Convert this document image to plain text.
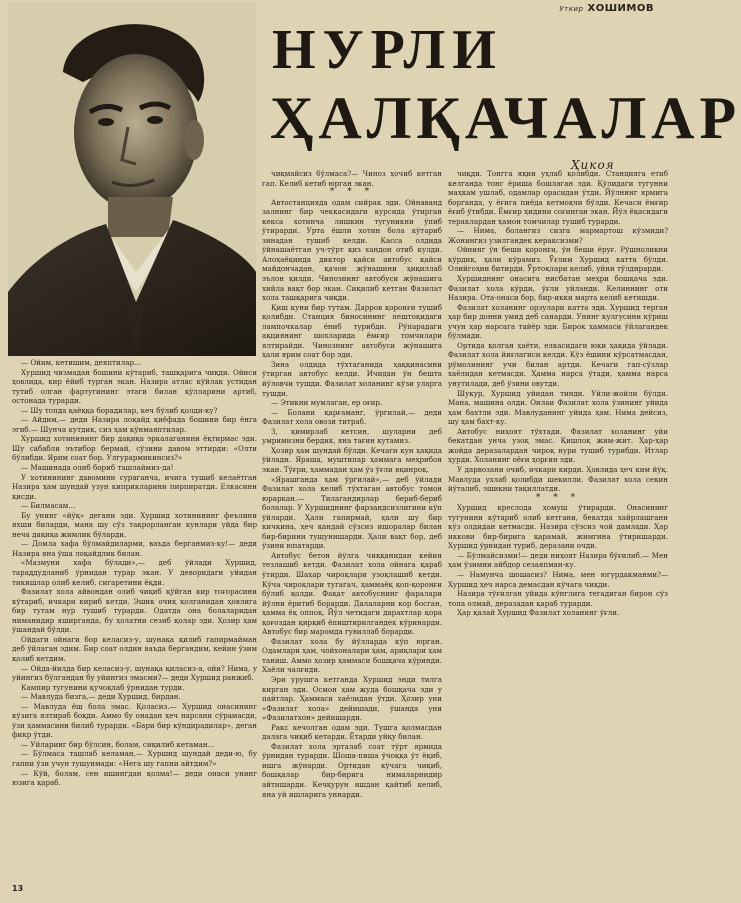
Уткир ХОШИМОВ
НУРЛИ
ҲАЛҚАЧАЛАР
Ҳикоя

— Ойим, кетишим, деяптилар…

Хуршид чизмадан бошини кўтариб, ташқарига чиқди. Ойиси ҳовлида, кир ёйиб турган экан. Назира атлас кўйлак устидан тутиб олган фартугининг этаги билан қўлларини артиб, остонада турарди.

— Шу топда қаёққа борадилар, кеч бўлиб қолди-ку?

— Айдим,— деди Назира лоқайд қиёфада бошини бир ёнга эгиб.— Шунча кутдик, сиз ҳам кўнмаяптилар.

Хуршид хотинининг бир дақиқа эркалаганини ёқтирмас эди. Шу сабабли эътибор бермай, сўзини давом эттирди: «Олти бўлибди. Ярим соат бор. Улгурармикинсиз?»

— Машинада олиб бориб ташлаймиз-да!

У хотинининг давомини сураганча, ичига тушиб келаётган Назира ҳам шундай узун киприкларини пирпиратди. Елкасини қисди.

— Билмасам…

Бу унинг «йўқ» дегани эди. Хуршид хотинининг феълини яхши биларди, мана шу сўз такрорланган кунлари уйда бир неча дақиқа жимлик бўларди.

— Домла хафа бўлмайдиларми, ваъда берганмиз-ку!— деди Назира яна ўша лоқайдлик билан.

«Мазмуни хафа бўлади»,— деб ўйлади Хуршид, тараддудланиб ўрнидан турар экан. У деворидаги уйидан тикишлар олиб келиб, сигаретини ёқди.

Фазилат хола айвондан олиб чиқиб қўйган кир тоғорасини кўтариб, ичкари кириб кетди. Эшик очиқ қолганидан ҳовлига бир тутам нур тушиб турарди. Одатда она болаларидан ниманидир яширганда, бу ҳолатни сезиб қолар эди. Ҳозир ҳам ўшандай бўлди.

Ойдаги ойнаги бор келасиз-у, шунақа қилиб гапирмайман деб ўйлаган эдим. Бир соат олдин ваъда бергандим, кейин ўзим қолиб кетдим.

— Ойда-йилда бир келасиз-у, шунақа қиласиз-а, ойи? Нима, у уйингиз бўлгандан бу уйингиз эмасми?— деди Хуршид ранжиб.

Кампир тугунини қучоқлаб ўрнидан турди.

— Мавлуда бизга,— деди Хуршид, бирдан.

— Мавлуда ёш бола эмас. Қоласиз.— Хуршид онасининг кўзига ялтираб боқди. Аммо бу онадан ҳеч нарсани сўрамасди, ўзи ҳаммасини билиб турарди. «Бари бир кўндирадилар», деган фикр ўтди.

— Уйларинг бир бўлсин, болам, сиқилиб кетаман…

— Бўлмаса ташлаб келаман,— Хуршид шундай деди-ю, бу гапни ўзи учун тушунмади: «Нега шу гапни айтдим?»

— Кўй, болам, сен ишингдан қолма!— деди онаси унинг юзига қараб.

чиқмайсиз бўлмаса?— Чиноз ҳочиб кетган гап. Келиб кетиб юрган экан.

* * *

Автостанцияда одам сийрак эди. Ойнаванд залнинг бир чеккасидаги курсида ўтирган кекса хотинча лишкин тугуникни ўпиб ўтирарди. Урта ёшли хотин бола кўтариб зинадан тушиб келди. Касса олдида ўйнашаётган уч-тўрт қиз хандон отиб кулди. Алоҳаёқинда диктор қайси автобус қайси майдончадан, қачон жўнашини ҳиқиллаб эълон қилди. Чинознинг автобуси жўнашига хийла вақт бор экан. Сиқилиб кетган Фазилат хола ташқарига чиқди.

Қиш куни бир тутам. Дарров қоронғи тушиб қолибди. Станция биносининг пештоқидаги лампочкалар ёниб турибди. Рўпарадаги ақциянинг шохларида ёмғир томчилари ялтирайди. Чинознинг автобуси жўнашига ҳали ярим соат бор эди.

Зина олдида тўхтаганида ҳаққинасини ўтирган автобус келди. Ичидан ўн бешта йўловчи тушди. Фазилат холанинг кўзи уларга тушди.

— Этикни мумлаган, ер оғир.

— Болани қарғаманг, ўргилай,— деди Фазилат хола овози титраб.

З, қимирлаб кетсин, шуларни деб умримизни бердик, яна тағин кутамиз.

Ҳозир ҳам шундай бўлди. Кечаги кун ҳақида ўйлади. Яраша, муштипар ҳаммага меҳрибон экан. Тўғри, ҳаммадан ҳам ўз ўғли яқинроқ.

«Ярашганда ҳам ўргилай»,— деб ўйлади Фазилат хола келиб тўхтаган автобус томон юраркан.— Тилагандирлар бериб-бериб болалар. У Хуршиднинг фарзандсизлигини кўп ўйларди. Ҳали гапирмай, ҳали шу бир кичкина, ҳеч қандай сўзсиз ишоралар билан бир-бирини тушунишарди. Ҳали вақт бор, деб ўзини юпатарди.

Автобус бетон йўлга чиққанидан кейин тезлашиб кетди. Фазилат хола ойнага қараб ўтирди. Шаҳар чироқлари узоқлашиб кетди. Кўча чироқлари тугагач, ҳаммаёқ қоп-қоронғи бўлиб қолди. Фақат автобуснинг фаралари йўлни ёритиб борарди. Далаларни кор босган, ҳамма ёқ оппоқ. Йўл четидаги дарахтлар қора қоғоздан қирқиб ёпиштирилгандек кўринарди. Автобус бир маромда гувиллаб борарди.

Фазилат хола бу йўлларда кўп юрган. Одамлари ҳам, чойхоналари ҳам, ариқлари ҳам таниш. Аммо ҳозир ҳаммаси бошқача кўринди. Хаёли чалғиди.

Эри урушга кетганда Хуршид энди тилга кирган эди. Осмон ҳам жуда бошқача эди у пайтлар. Ҳаммаси хаёлидан ўтди. Ҳозир уни «Фазилат хола» дейишади, ўшанда уни «Фазилатхон» дейишарди.

Ракс кечолган одам эди. Тушга қолмасдан далага чиқиб кетарди. Ётарди уйқу билан.

Фазилат хола эрталаб соат тўрт ярмида ўрнидан турарди. Шоша-пиша ўчоққа ўт ёқиб, ишга жўнарди. Ортидан кўчага чиқиб, бошқалар бир-бирига нималарнидир айтишарди. Кечқурун ишдан қайтиб келиб, яна уй ишларига уннарди.

чиқди. Тонгга яқин уҳлаб қолибди. Станцияга етиб келганда тонг ёриша бошлаган эди. Қўлидаги тугунни маҳкам ушлаб, одамлар орасидан ўтди. Йўлнинг ярмига борганда, у ёғига пиёда кетмоқчи бўлди. Кечаси ёмғир ёғиб ўтибди. Ёмғир ҳидини соғинган экан. Йўл ёқасидаги тераклардан ҳамон томчилар тушиб турарди.

— Нима, болангиз сизга мармартош кўзмиди? Жонингиз узилгандек кераксизми?

Ойнинг ўн беши қоронғи, ўн беши ёруғ. Рўшноликни кўрдик, ҳали кўрамиз. Ўғлим Хуршид катта бўлди. Олийгоҳни битирди. Ўртоқлари келиб, уйни тўлдирарди.

Хуршиднинг онасига нисбатан меҳри бошқача эди. Фазилат хола кўрди, ўғли уйланди. Келиннинг оти Назира. Ота-онаси бор, бир-икки марта келиб кетишди.

Фазилат холанинг орзулари катта эди. Хуршид терган ҳар бир донни умид деб санарди. Унинг кулгусини кўриш учун ҳар нарсага тайёр эди. Бирок ҳаммаси ўйлагандек бўлмади.

Ортида қолган ҳаёти, елкасидаги юки ҳақида ўйлади. Фазилат хола йиғлагиси келди. Кўз ёшини кўрсатмасдан, рўмолининг учи билан артди. Кечаги гап-сўзлар хаёлидан кетмасди. Ҳамма нарса ўтади, ҳамма нарса унутилади, деб ўзини овутди.

Шукур, Хуршид уйидан тинди. Уйли-жойли бўлди. Мана, машина олди. Оилаи Фазилат хола ўзининг уйида ҳам бахтли эди. Мавлуданинг уйида ҳам. Нима дейсиз, шу ҳам бахт-ку.

Автобус ниҳоят тўхтади. Фазилат холанинг уйи бекатдан унча узоқ эмас. Қишлоқ жим-жит. Ҳар-ҳар жойда деразалардан чироқ нури тушиб турибди. Итлар ҳурди. Холанинг оёғи ҳорғин эди.

У дарвозани очиб, ичкари кирди. Ҳовлида ҳеч ким йўқ. Мавлуда ухлаб қолибди шекилли. Фазилат хола секин йўталиб, эшикни тақиллатди.

* * *

Хуршид креслода ҳомуш ўтирарди. Онасининг тугунини кўтариб олиб кетгани, бекатда хайрлашгани кўз олдидан кетмасди. Назира сўзсиз чой дамлади. Ҳар иккови бир-бирига қарамай, жимгина ўтиришарди. Хуршид ўрнидан туриб, деразани очди.

— Бўлмайсизми!— деди ниҳоят Назира бўғилиб.— Мен ҳам ўзимни айбдор сезаяпман-ку.

— Намунча шошасиз? Нима, мен югурдакманми?— Хуршид ҳеч нарса демасдан кўчага чиқди.

Назира тўғилган уйида кўнглига тегадиган бирон сўз топа олмай, деразадан қараб турарди.

Ҳар қалай Хуршид Фазилат холанинг ўғли.

13
